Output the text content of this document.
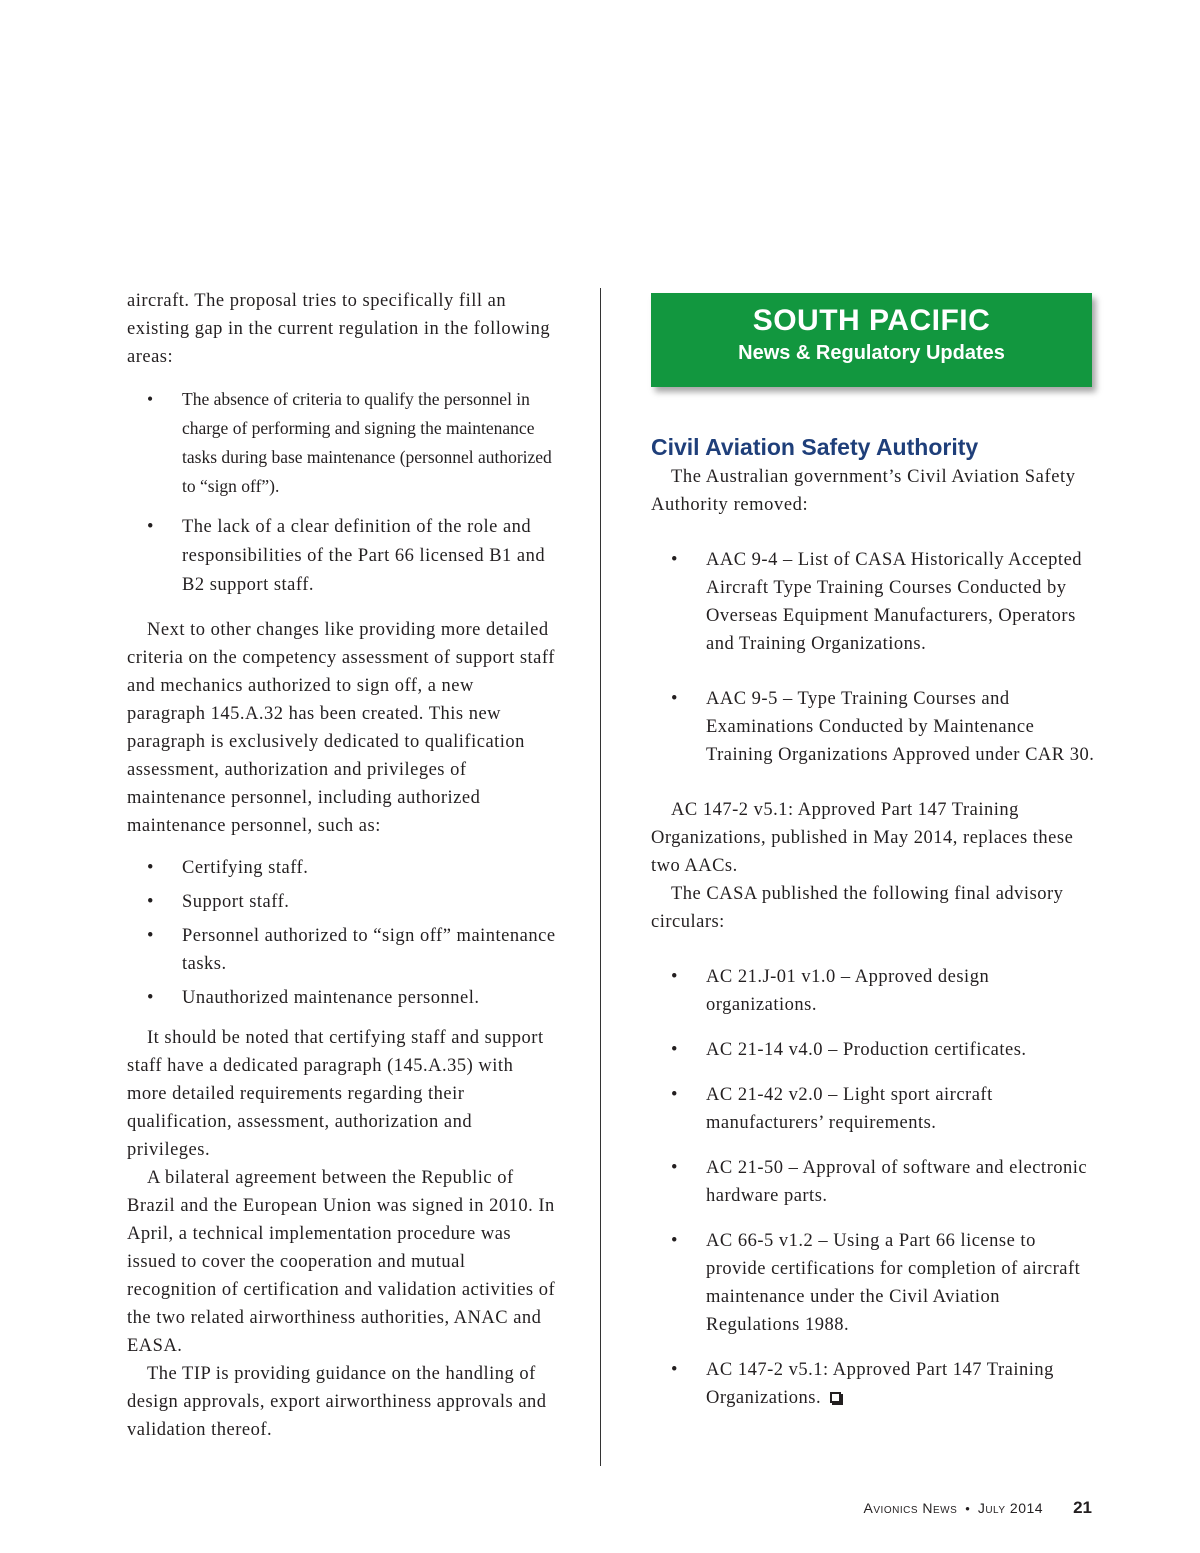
aircraft. The proposal tries to specifically fill an existing gap in the current regulation in the following areas:

• The absence of criteria to qualify the personnel in charge of performing and signing the maintenance tasks during base maintenance (personnel authorized to “sign off”).
• The lack of a clear definition of the role and responsibilities of the Part 66 licensed B1 and B2 support staff.

Next to other changes like providing more detailed criteria on the competency assessment of support staff and mechanics authorized to sign off, a new paragraph 145.A.32 has been created. This new paragraph is exclusively dedicated to qualification assessment, authorization and privileges of maintenance personnel, including authorized maintenance personnel, such as:

• Certifying staff.
• Support staff.
• Personnel authorized to “sign off” maintenance tasks.
• Unauthorized maintenance personnel.

It should be noted that certifying staff and support staff have a dedicated paragraph (145.A.35) with more detailed requirements regarding their qualification, assessment, authorization and privileges.

A bilateral agreement between the Republic of Brazil and the European Union was signed in 2010. In April, a technical implementation procedure was issued to cover the cooperation and mutual recognition of certification and validation activities of the two related airworthiness authorities, ANAC and EASA.

The TIP is providing guidance on the handling of design approvals, export airworthiness approvals and validation thereof.

SOUTH PACIFIC
News & Regulatory Updates
Civil Aviation Safety Authority

The Australian government’s Civil Aviation Safety Authority removed:

• AAC 9-4 – List of CASA Historically Accepted Aircraft Type Training Courses Conducted by Overseas Equipment Manufacturers, Operators and Training Organizations.
• AAC 9-5 – Type Training Courses and Examinations Conducted by Maintenance Training Organizations Approved under CAR 30.

AC 147-2 v5.1: Approved Part 147 Training Organizations, published in May 2014, replaces these two AACs.

The CASA published the following final advisory circulars:

• AC 21.J-01 v1.0 – Approved design organizations.
• AC 21-14 v4.0 – Production certificates.
• AC 21-42 v2.0 – Light sport aircraft manufacturers’ requirements.
• AC 21-50 – Approval of software and electronic hardware parts.
• AC 66-5 v1.2 – Using a Part 66 license to provide certifications for completion of aircraft maintenance under the Civil Aviation Regulations 1988.
• AC 147-2 v5.1: Approved Part 147 Training Organizations.
Avionics News • July 2014 21
